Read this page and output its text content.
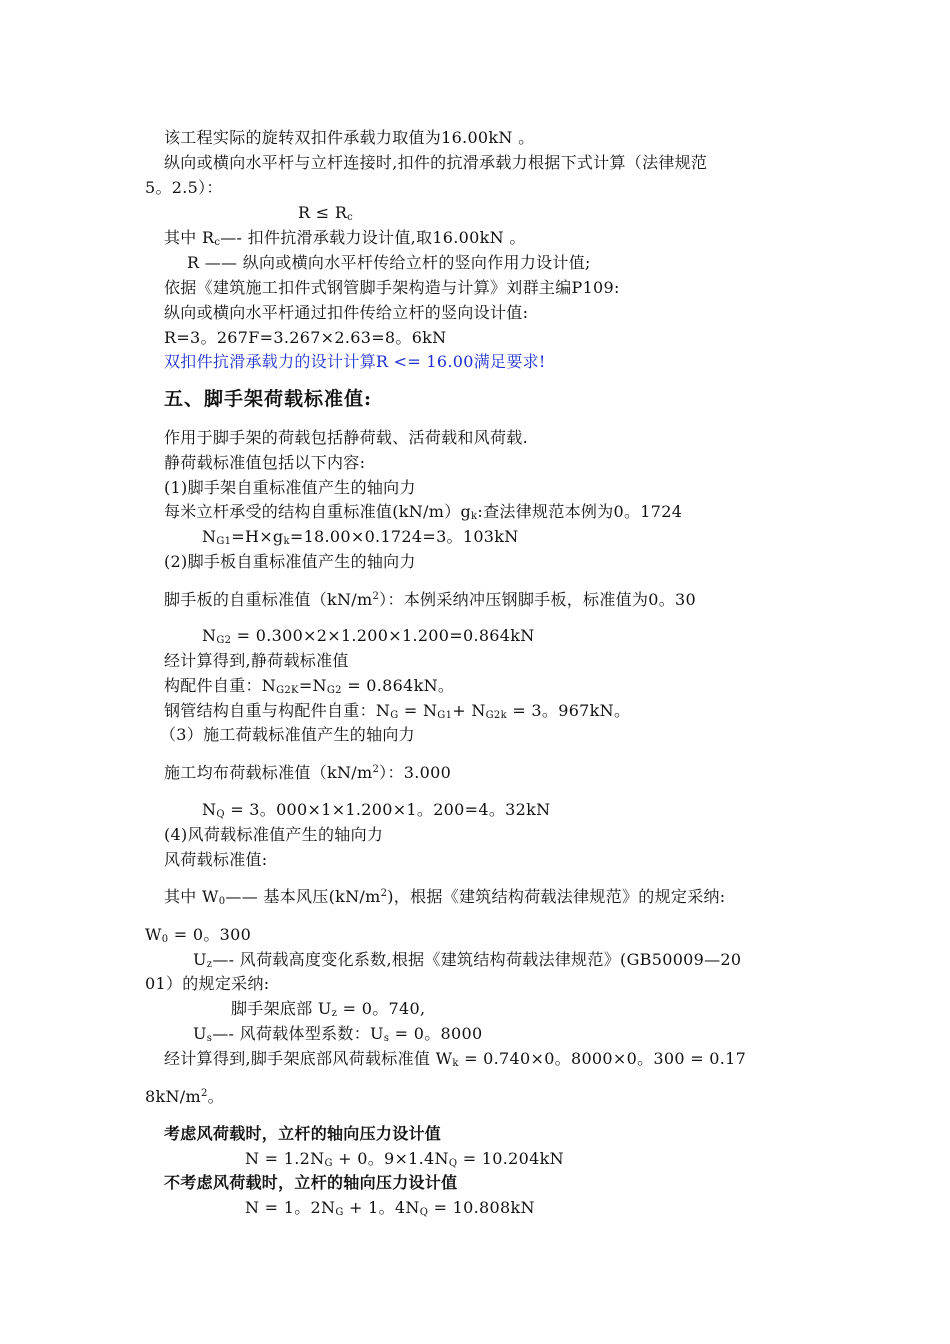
该工程实际的旋转双扣件承载力取值为16.00kN 。
纵向或横向水平杆与立杆连接时,扣件的抗滑承载力根据下式计算（法律规范
5。2.5）：
$R \le R_c$
其中 $R_c—-$ 扣件抗滑承载力设计值,取16.00kN 。
R —— 纵向或横向水平杆传给立杆的竖向作用力设计值;
依据《建筑施工扣件式钢管脚手架构造与计算》刘群主编P109:
纵向或横向水平杆通过扣件传给立杆的竖向设计值:
R=3。267F=3.267×2.63=8。6kN
双扣件抗滑承载力的设计计算R <= 16.00满足要求!
五、脚手架荷载标准值:
作用于脚手架的荷载包括静荷载、活荷载和风荷载.
静荷载标准值包括以下内容:
(1)脚手架自重标准值产生的轴向力
每米立杆承受的结构自重标准值$(kN/m)g_k$:查法律规范本例为0。1724
$N_{G1}=H\times g_k=18.00\times 0.1724=3$。103kN
(2)脚手板自重标准值产生的轴向力
脚手板的自重标准值$(kN/m^2)$：本例采纳冲压钢脚手板，标准值为0。30
$N_{G2} = 0.300\times 2\times 1.200\times 1.200=0.864kN$
经计算得到,静荷载标准值
构配件自重：$N_{G2K}=N_{G2} = 0.864kN$。
钢管结构自重与构配件自重：$N_G = N_{G1}+ N_{G2k} = 3$。967kN。
（3）施工荷载标准值产生的轴向力
施工均布荷载标准值$(kN/m^2)$：3.000
$N_Q = 3$。000×1×1.200×1。200=4。32kN
(4)风荷载标准值产生的轴向力
风荷载标准值:
其中 $W_0——$ 基本风压$(kN/m^2)$，根据《建筑结构荷载法律规范》的规定采纳:
$W_0 = 0$。300
$U_z—-$ 风荷载高度变化系数,根据《建筑结构荷载法律规范》(GB50009—20
01）的规定采纳:
脚手架底部 $U_z = 0$。740,
$U_s—-$ 风荷载体型系数：$U_s = 0$。8000
经计算得到,脚手架底部风荷载标准值 $W_k = 0.740\times 0$。8000×0。300 = 0.17
$8kN/m^2$。
考虑风荷载时，立杆的轴向压力设计值
$N = 1.2N_G + 0$。$9\times 1.4N_Q = 10.204kN$
不考虑风荷载时，立杆的轴向压力设计值
N = 1。$2N_G + 1$。$4N_Q = 10.808kN$
